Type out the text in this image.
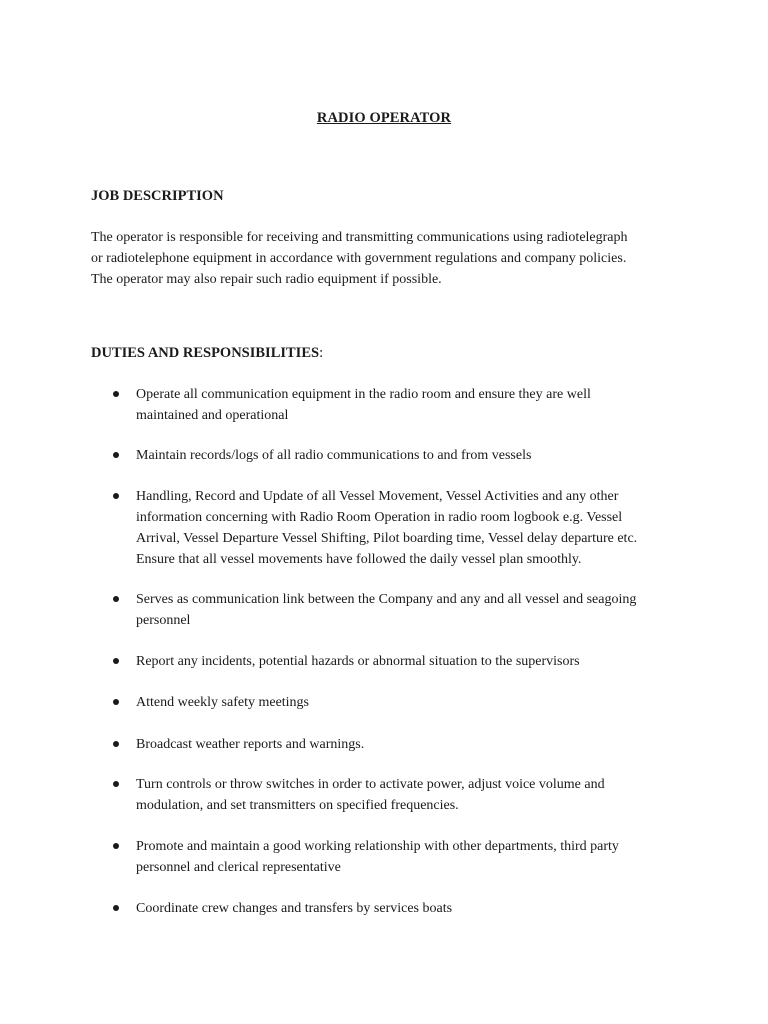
RADIO OPERATOR
JOB DESCRIPTION
The operator is responsible for receiving and transmitting communications using radiotelegraph
or radiotelephone equipment in accordance with government regulations and company policies.
The operator may also repair such radio equipment if possible.
DUTIES AND RESPONSIBILITIES:
Operate all communication equipment in the radio room and ensure they are well
maintained and operational
Maintain records/logs of all radio communications to and from vessels
Handling, Record and Update of all Vessel Movement, Vessel Activities and any other
information concerning with Radio Room Operation in radio room logbook e.g. Vessel
Arrival, Vessel Departure Vessel Shifting, Pilot boarding time, Vessel delay departure etc.
Ensure that all vessel movements have followed the daily vessel plan smoothly.
Serves as communication link between the Company and any and all vessel and seagoing
personnel
Report any incidents, potential hazards or abnormal situation to the supervisors
Attend weekly safety meetings
Broadcast weather reports and warnings.
Turn controls or throw switches in order to activate power, adjust voice volume and
modulation, and set transmitters on specified frequencies.
Promote and maintain a good working relationship with other departments, third party
personnel and clerical representative
Coordinate crew changes and transfers by services boats
